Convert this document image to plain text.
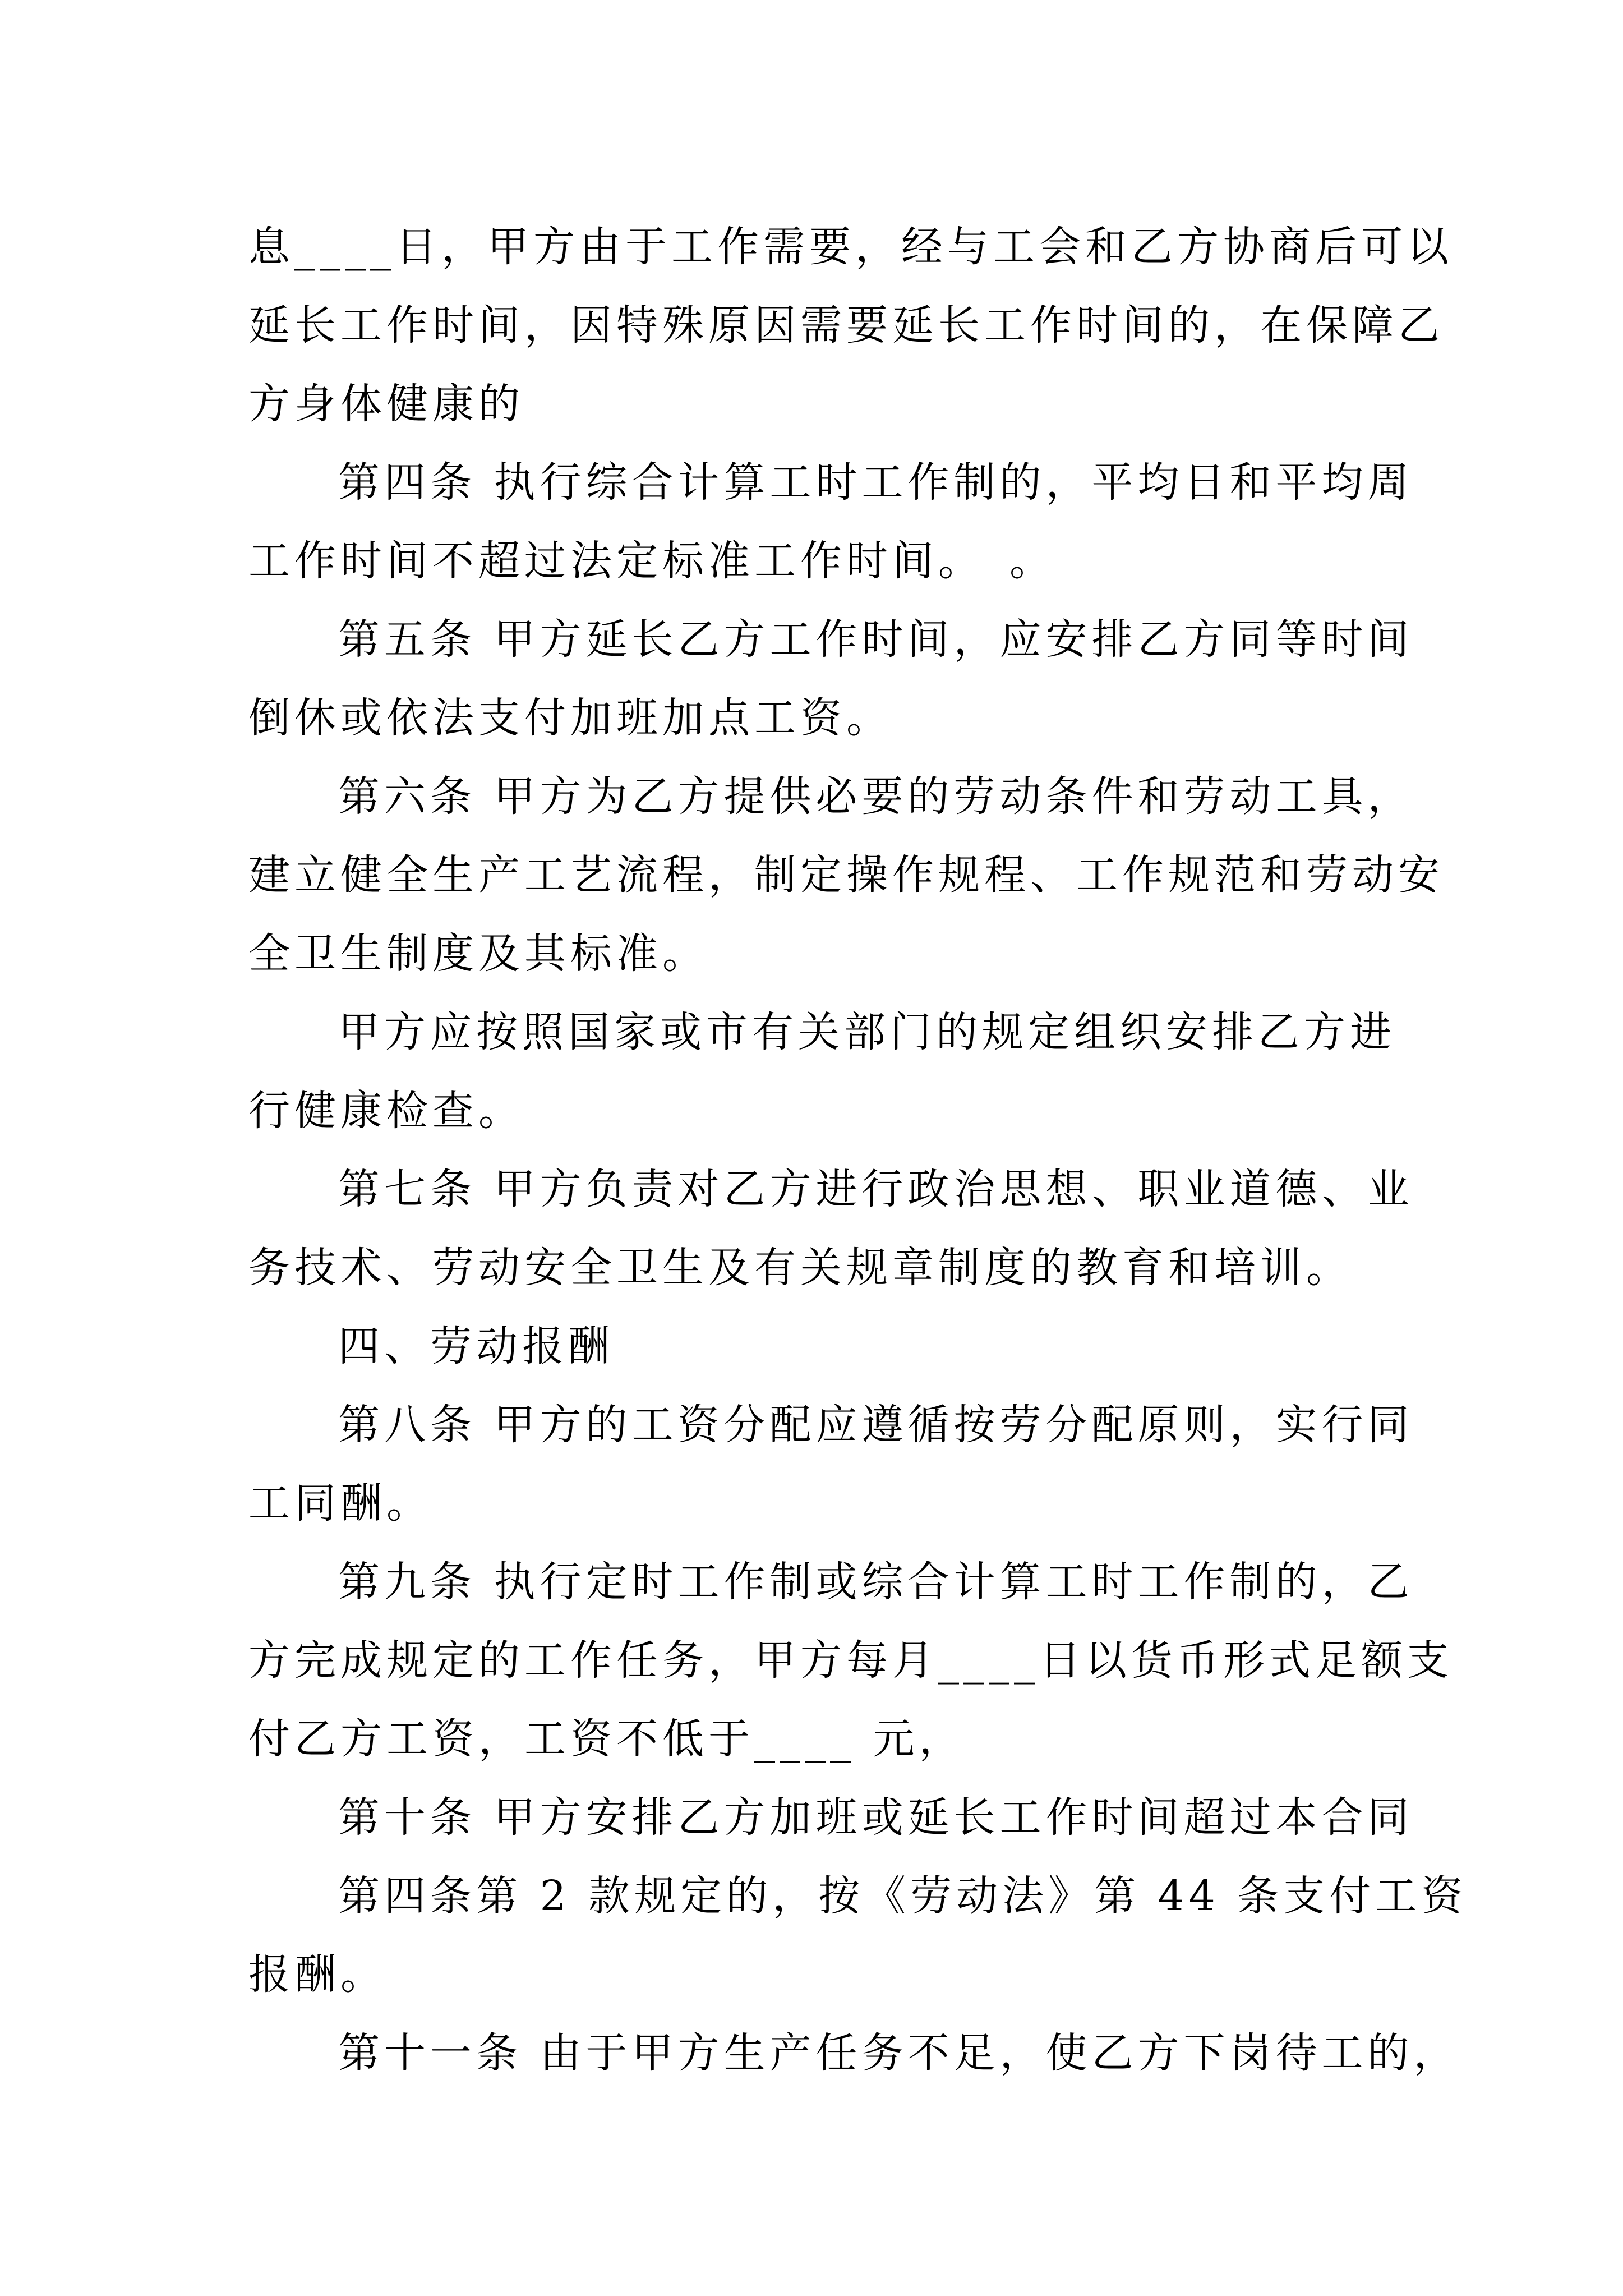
息____日，甲方由于工作需要，经与工会和乙方协商后可以
延长工作时间，因特殊原因需要延长工作时间的，在保障乙
方身体健康的
第四条 执行综合计算工时工作制的，平均日和平均周
工作时间不超过法定标准工作时间。　。
第五条 甲方延长乙方工作时间，应安排乙方同等时间
倒休或依法支付加班加点工资。
第六条 甲方为乙方提供必要的劳动条件和劳动工具，
建立健全生产工艺流程，制定操作规程、工作规范和劳动安
全卫生制度及其标准。
甲方应按照国家或市有关部门的规定组织安排乙方进
行健康检查。
第七条 甲方负责对乙方进行政治思想、职业道德、业
务技术、劳动安全卫生及有关规章制度的教育和培训。
四、劳动报酬
第八条 甲方的工资分配应遵循按劳分配原则，实行同
工同酬。
第九条 执行定时工作制或综合计算工时工作制的，乙
方完成规定的工作任务，甲方每月____日以货币形式足额支
付乙方工资，工资不低于____ 元，
第十条 甲方安排乙方加班或延长工作时间超过本合同
第四条第 2 款规定的，按《劳动法》第 44 条支付工资
报酬。
第十一条 由于甲方生产任务不足，使乙方下岗待工的，
